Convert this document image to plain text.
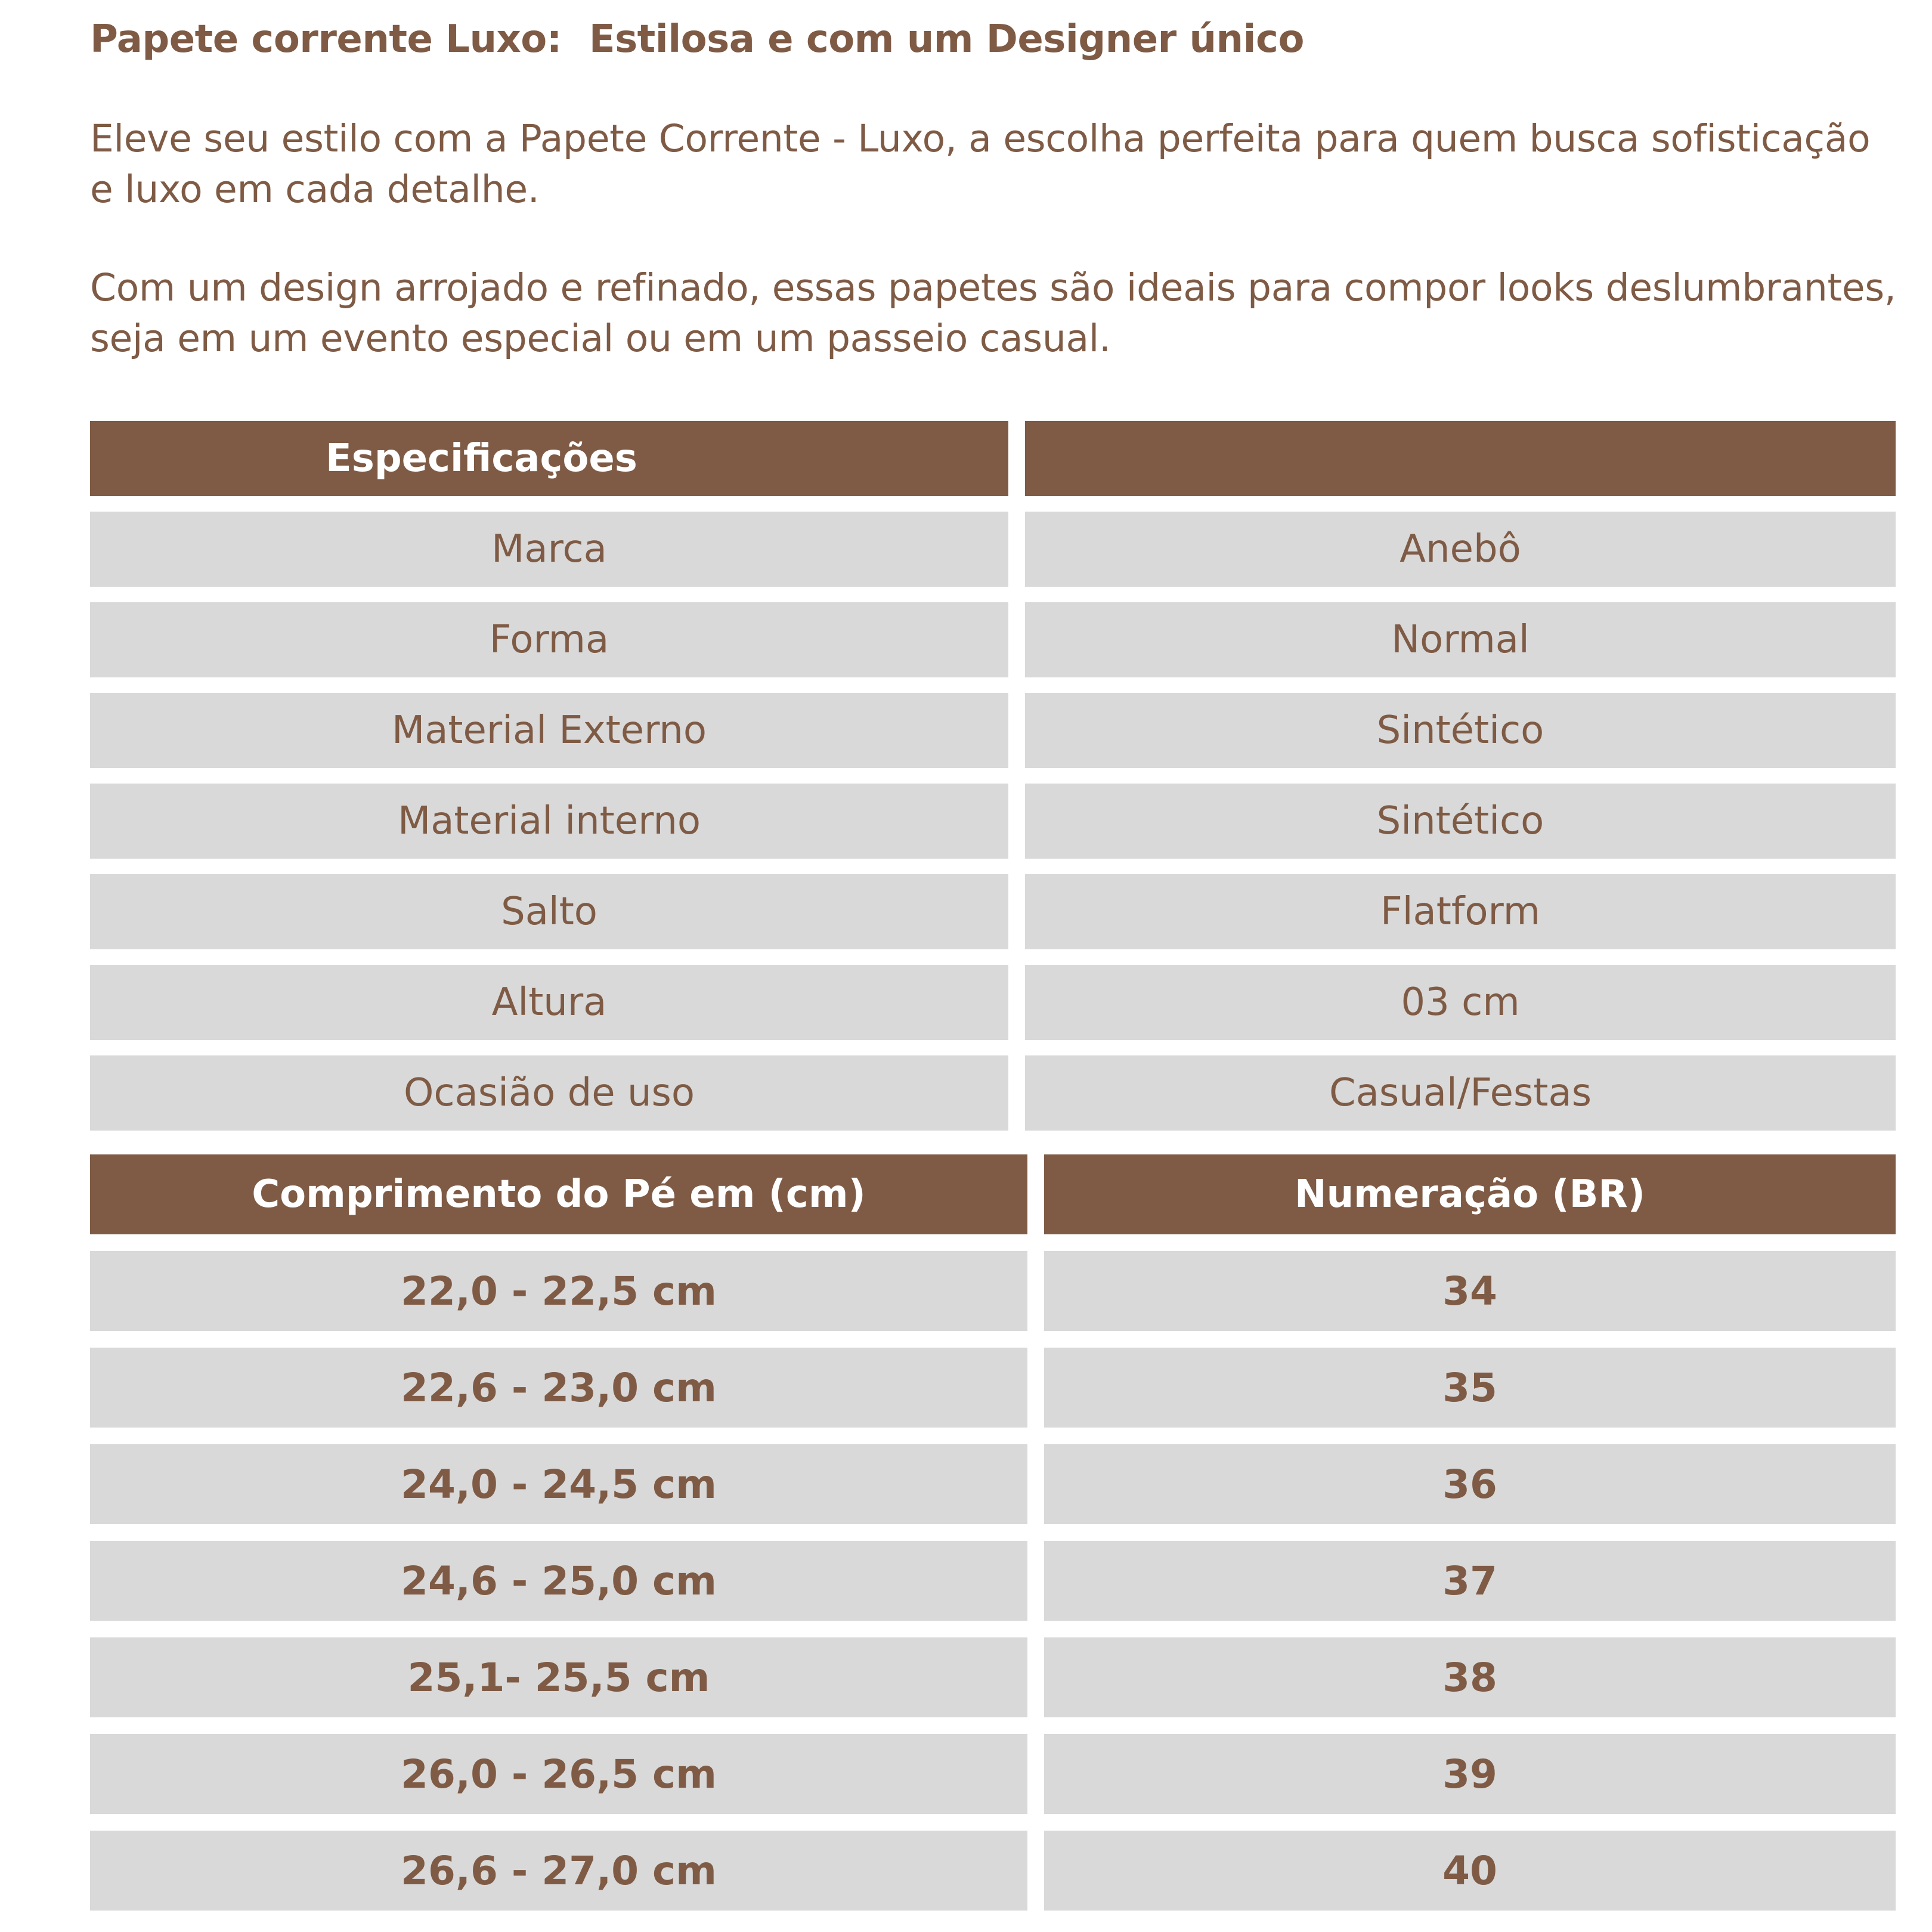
Papete corrente Luxo: Estilosa e com um Designer único
Eleve seu estilo com a Papete Corrente - Luxo, a escolha perfeita para quem busca sofisticação e luxo em cada detalhe.
Com um design arrojado e refinado, essas papetes são ideais para compor looks deslumbrantes, seja em um evento especial ou em um passeio casual.
Especificações
Marca	Anebô
Forma	Normal
Material Externo	Sintético
Material interno	Sintético
Salto	Flatform
Altura	03 cm
Ocasião de uso	Casual/Festas
Comprimento do Pé em (cm)	Numeração (BR)
22,0 - 22,5 cm	34
22,6 - 23,0 cm	35
24,0 - 24,5 cm	36
24,6 - 25,0 cm	37
25,1- 25,5 cm	38
26,0 - 26,5 cm	39
26,6 - 27,0 cm	40
